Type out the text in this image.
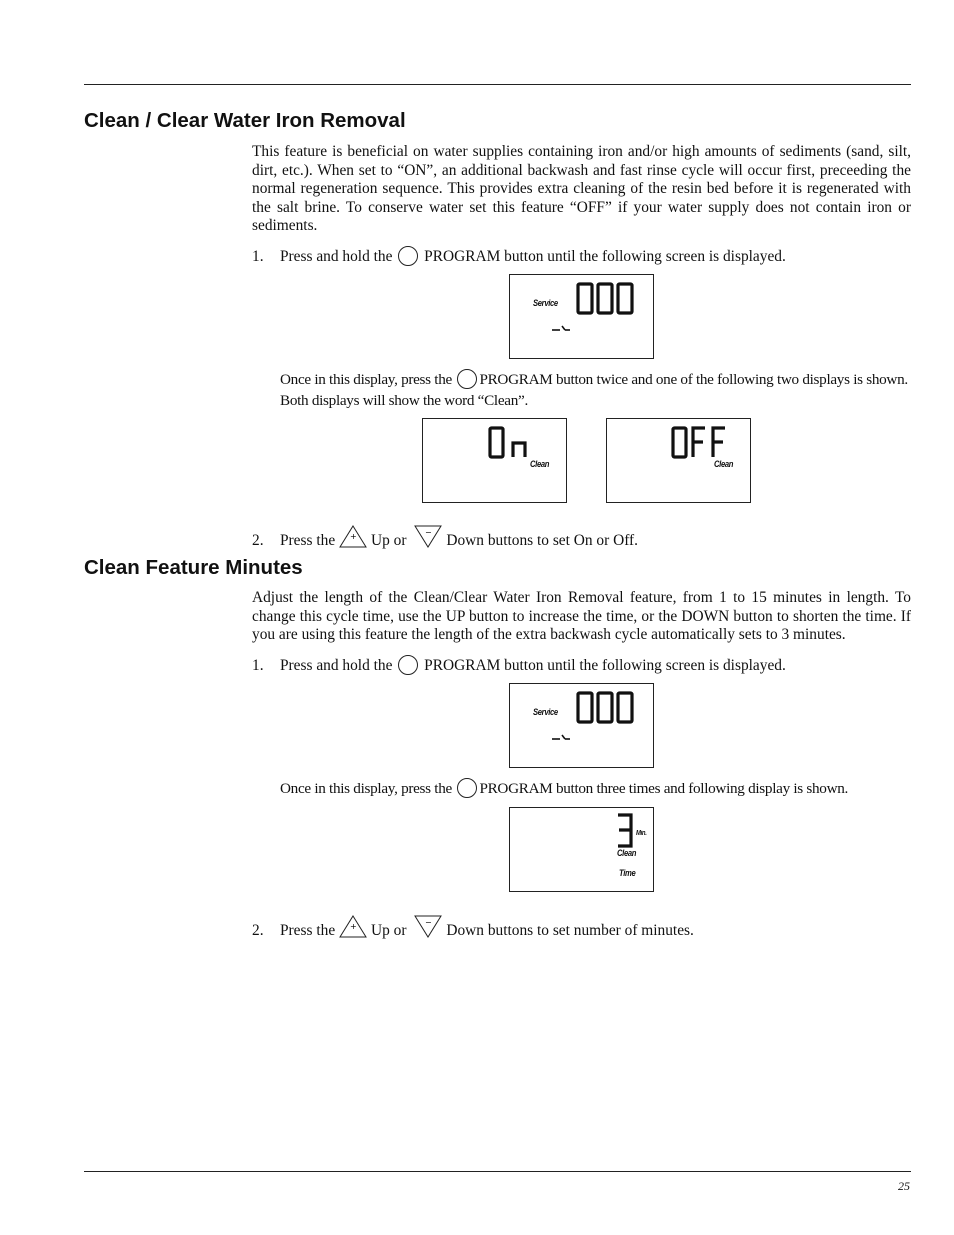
Clean / Clear Water Iron Removal

This feature is beneficial on water supplies containing iron and/or high amounts of sediments (sand, silt, dirt, etc.). When set to “ON”, an additional backwash and fast rinse cycle will occur first, preceeding the normal regeneration sequence. This provides extra cleaning of the resin bed before it is regenerated with the salt brine. To conserve water set this feature “OFF” if your water supply does not contain iron or sediments.

1. Press and hold the PROGRAM button until the following screen is displayed.

Service

Once in this display, press the PROGRAM button twice and one of the following two displays is shown. Both displays will show the word “Clean”.

Clean	Clean

2. Press the + Up or − Down buttons to set On or Off.

Clean Feature Minutes

Adjust the length of the Clean/Clear Water Iron Removal feature, from 1 to 15 minutes in length. To change this cycle time, use the UP button to increase the time, or the DOWN button to shorten the time. If you are using this feature the length of the extra backwash cycle automatically sets to 3 minutes.

1. Press and hold the PROGRAM button until the following screen is displayed.

Service

Once in this display, press the PROGRAM button three times and following display is shown.

Min.
Clean
Time

2. Press the + Up or − Down buttons to set number of minutes.

25
